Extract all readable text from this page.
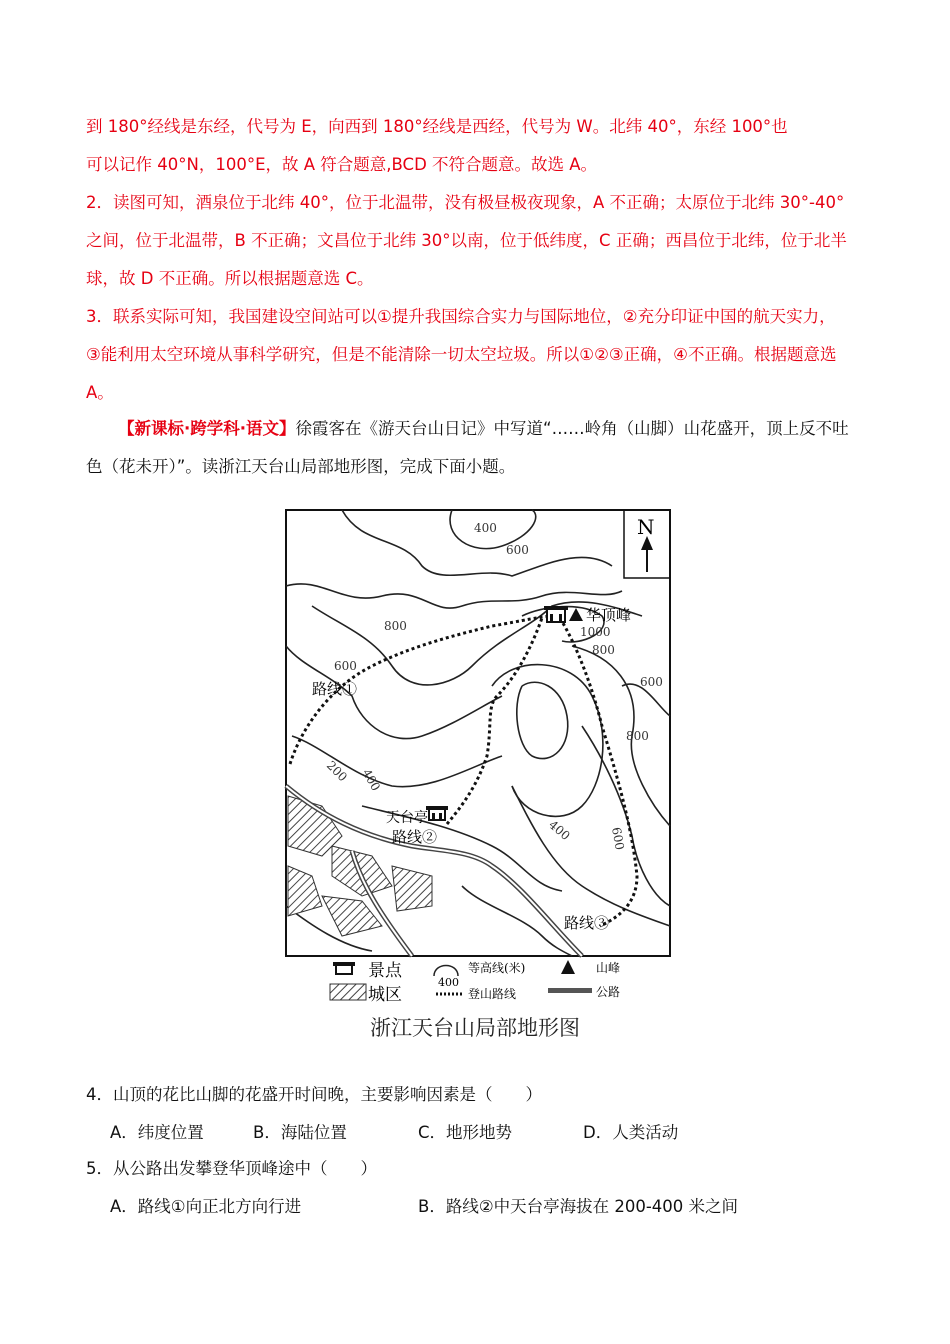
到 180°经线是东经，代号为 E，向西到 180°经线是西经，代号为 W。北纬 40°，东经 100°也
可以记作 40°N，100°E，故 A 符合题意,BCD 不符合题意。故选 A。
2．读图可知，酒泉位于北纬 40°，位于北温带，没有极昼极夜现象，A 不正确；太原位于北纬 30°-40°
之间，位于北温带，B 不正确；文昌位于北纬 30°以南，位于低纬度，C 正确；西昌位于北纬，位于北半
球，故 D 不正确。所以根据题意选 C。
3．联系实际可知，我国建设空间站可以①提升我国综合实力与国际地位，②充分印证中国的航天实力，
③能利用太空环境从事科学研究，但是不能清除一切太空垃圾。所以①②③正确，④不正确。根据题意选
A。
【新课标·跨学科·语文】徐霞客在《游天台山日记》中写道“……岭角（山脚）山花盛开，顶上反不吐
色（花未开）”。读浙江天台山局部地形图，完成下面小题。
N
华顶峰
天台亭
路线①
路线②
路线③
400
600
800	1000
800
600
600
800
200 400
400	600
景点
城区
400
等高线(米)
登山路线
山峰
公路
浙江天台山局部地形图
4．山顶的花比山脚的花盛开时间晚，主要影响因素是（　　）
A．纬度位置	B．海陆位置	C．地形地势	D．人类活动
5．从公路出发攀登华顶峰途中（　　）
A．路线①向正北方向行进	B．路线②中天台亭海拔在 200-400 米之间
